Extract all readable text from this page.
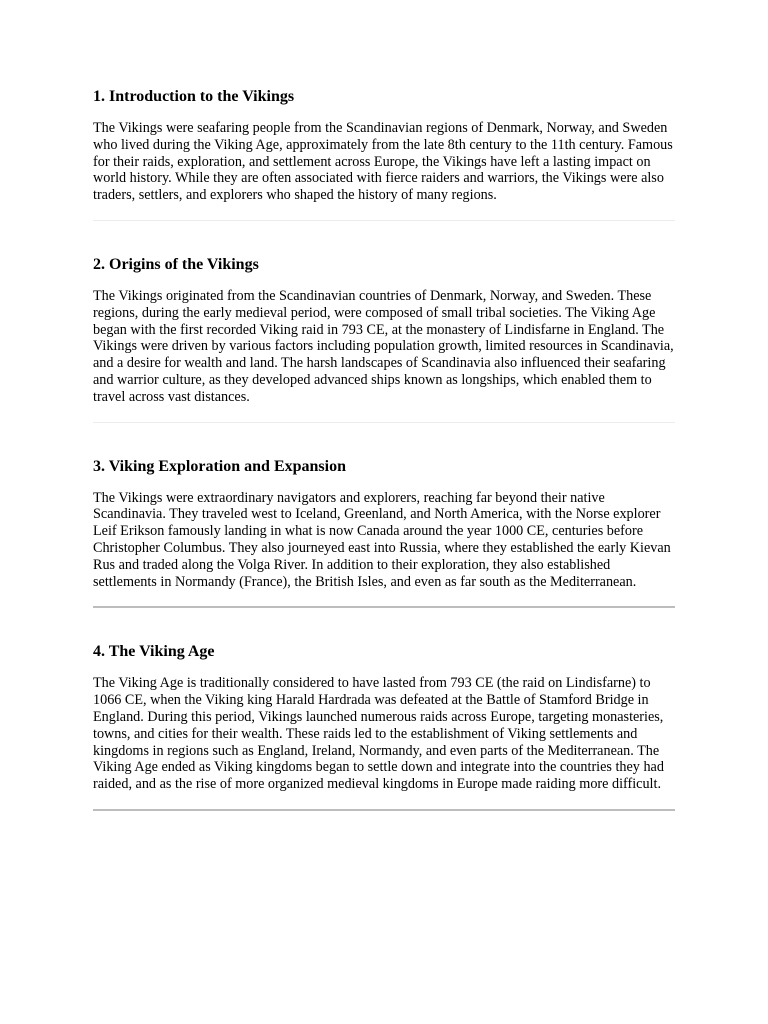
1. Introduction to the Vikings

The Vikings were seafaring people from the Scandinavian regions of Denmark, Norway, and Sweden who lived during the Viking Age, approximately from the late 8th century to the 11th century. Famous for their raids, exploration, and settlement across Europe, the Vikings have left a lasting impact on world history. While they are often associated with fierce raiders and warriors, the Vikings were also traders, settlers, and explorers who shaped the history of many regions.

2. Origins of the Vikings

The Vikings originated from the Scandinavian countries of Denmark, Norway, and Sweden. These regions, during the early medieval period, were composed of small tribal societies. The Viking Age began with the first recorded Viking raid in 793 CE, at the monastery of Lindisfarne in England. The Vikings were driven by various factors including population growth, limited resources in Scandinavia, and a desire for wealth and land. The harsh landscapes of Scandinavia also influenced their seafaring and warrior culture, as they developed advanced ships known as longships, which enabled them to travel across vast distances.

3. Viking Exploration and Expansion

The Vikings were extraordinary navigators and explorers, reaching far beyond their native Scandinavia. They traveled west to Iceland, Greenland, and North America, with the Norse explorer Leif Erikson famously landing in what is now Canada around the year 1000 CE, centuries before Christopher Columbus. They also journeyed east into Russia, where they established the early Kievan Rus and traded along the Volga River. In addition to their exploration, they also established settlements in Normandy (France), the British Isles, and even as far south as the Mediterranean.

4. The Viking Age

The Viking Age is traditionally considered to have lasted from 793 CE (the raid on Lindisfarne) to 1066 CE, when the Viking king Harald Hardrada was defeated at the Battle of Stamford Bridge in England. During this period, Vikings launched numerous raids across Europe, targeting monasteries, towns, and cities for their wealth. These raids led to the establishment of Viking settlements and kingdoms in regions such as England, Ireland, Normandy, and even parts of the Mediterranean. The Viking Age ended as Viking kingdoms began to settle down and integrate into the countries they had raided, and as the rise of more organized medieval kingdoms in Europe made raiding more difficult.
